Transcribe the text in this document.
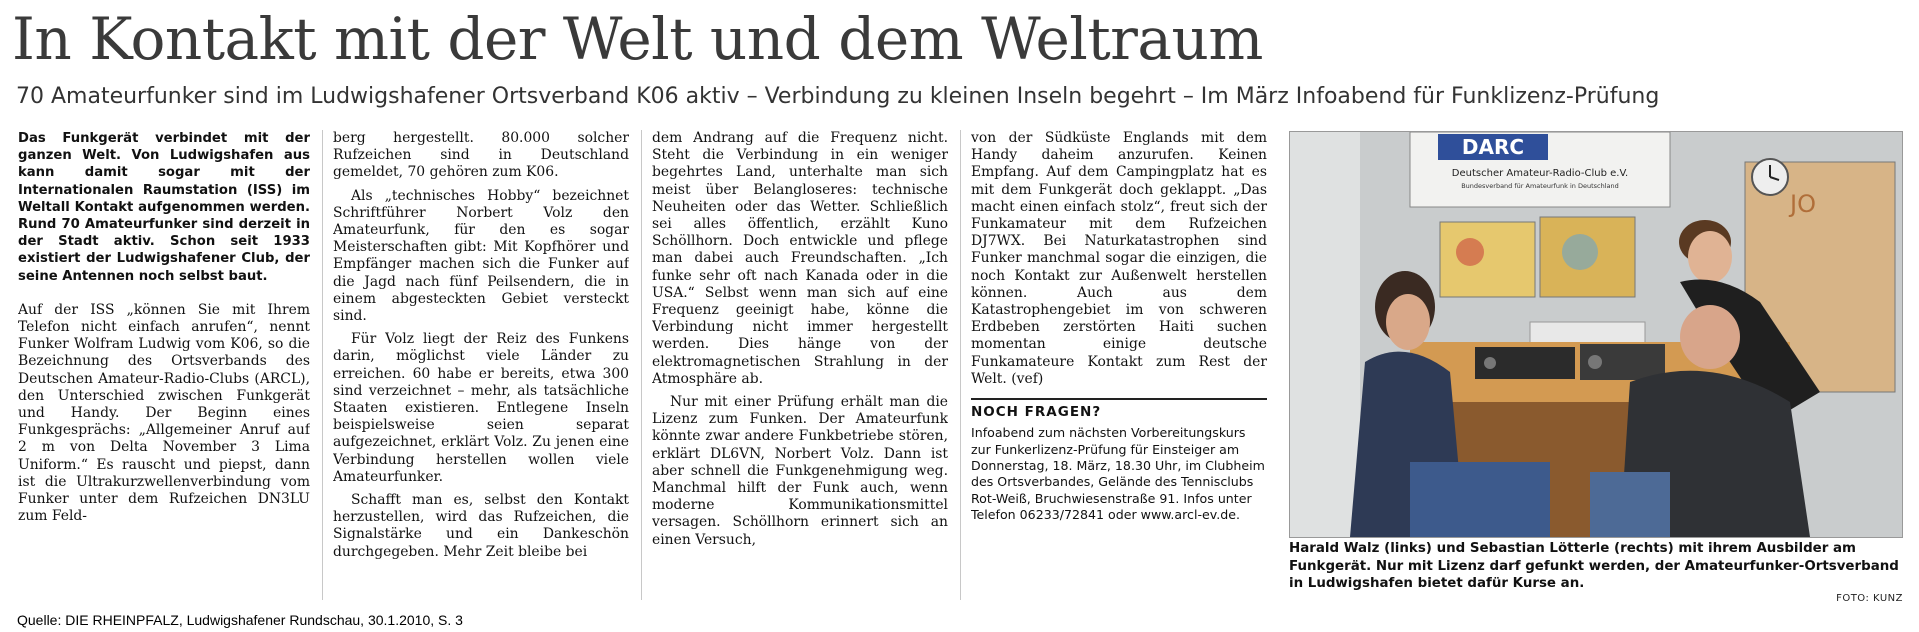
In Kontakt mit der Welt und dem Weltraum
70 Amateurfunker sind im Ludwigshafener Ortsverband K06 aktiv – Verbindung zu kleinen Inseln begehrt – Im März Infoabend für Funklizenz-Prüfung

Das Funkgerät verbindet mit der ganzen Welt. Von Ludwigshafen aus kann damit sogar mit der Internationalen Raumstation (ISS) im Weltall Kontakt aufgenommen werden. Rund 70 Amateurfunker sind derzeit in der Stadt aktiv. Schon seit 1933 existiert der Ludwigshafener Club, der seine Antennen noch selbst baut.

Auf der ISS „können Sie mit Ihrem Telefon nicht einfach anrufen“, nennt Funker Wolfram Ludwig vom K06, so die Bezeichnung des Ortsverbands des Deutschen Amateur-Radio-Clubs (ARCL), den Unterschied zwischen Funkgerät und Handy. Der Beginn eines Funkgesprächs: „Allgemeiner Anruf auf 2 m von Delta November 3 Lima Uniform.“ Es rauscht und piepst, dann ist die Ultrakurzwellenverbindung vom Funker unter dem Rufzeichen DN3LU zum Feld-

berg hergestellt. 80.000 solcher Rufzeichen sind in Deutschland gemeldet, 70 gehören zum K06.

Als „technisches Hobby“ bezeichnet Schriftführer Norbert Volz den Amateurfunk, für den es sogar Meisterschaften gibt: Mit Kopfhörer und Empfänger machen sich die Funker auf die Jagd nach fünf Peilsendern, die in einem abgesteckten Gebiet versteckt sind.

Für Volz liegt der Reiz des Funkens darin, möglichst viele Länder zu erreichen. 60 habe er bereits, etwa 300 sind verzeichnet – mehr, als tatsächliche Staaten existieren. Entlegene Inseln beispielsweise seien separat aufgezeichnet, erklärt Volz. Zu jenen eine Verbindung herstellen wollen viele Amateurfunker.

Schafft man es, selbst den Kontakt herzustellen, wird das Rufzeichen, die Signalstärke und ein Dankeschön durchgegeben. Mehr Zeit bleibe bei

dem Andrang auf die Frequenz nicht. Steht die Verbindung in ein weniger begehrtes Land, unterhalte man sich meist über Belangloseres: technische Neuheiten oder das Wetter. Schließlich sei alles öffentlich, erzählt Kuno Schöllhorn. Doch entwickle und pflege man dabei auch Freundschaften. „Ich funke sehr oft nach Kanada oder in die USA.“ Selbst wenn man sich auf eine Frequenz geeinigt habe, könne die Verbindung nicht immer hergestellt werden. Dies hänge von der elektromagnetischen Strahlung in der Atmosphäre ab.

Nur mit einer Prüfung erhält man die Lizenz zum Funken. Der Amateurfunk könnte zwar andere Funkbetriebe stören, erklärt DL6VN, Norbert Volz. Dann ist aber schnell die Funkgenehmigung weg. Manchmal hilft der Funk auch, wenn moderne Kommunikationsmittel versagen. Schöllhorn erinnert sich an einen Versuch,

von der Südküste Englands mit dem Handy daheim anzurufen. Keinen Empfang. Auf dem Campingplatz hat es mit dem Funkgerät doch geklappt. „Das macht einen einfach stolz“, freut sich der Funkamateur mit dem Rufzeichen DJ7WX. Bei Naturkatastrophen sind Funker manchmal sogar die einzigen, die noch Kontakt zur Außenwelt herstellen können. Auch aus dem Katastrophengebiet im von schweren Erdbeben zerstörten Haiti suchen momentan einige deutsche Funkamateure Kontakt zum Rest der Welt. (vef)

NOCH FRAGEN?
Infoabend zum nächsten Vorbereitungskurs zur Funkerlizenz-Prüfung für Einsteiger am Donnerstag, 18. März, 18.30 Uhr, im Clubheim des Ortsverbandes, Gelände des Tennisclubs Rot-Weiß, Bruchwiesenstraße 91. Infos unter Telefon 06233/72841 oder www.arcl-ev.de.
DARC
Deutscher Amateur-Radio-Club e.V.
Bundesverband für Amateurfunk in Deutschland
JO
Harald Walz (links) und Sebastian Lötterle (rechts) mit ihrem Ausbilder am Funkgerät. Nur mit Lizenz darf gefunkt werden, der Amateurfunker-Ortsverband in Ludwigshafen bietet dafür Kurse an.
FOTO: KUNZ
Quelle: DIE RHEINPFALZ, Ludwigshafener Rundschau, 30.1.2010, S. 3
